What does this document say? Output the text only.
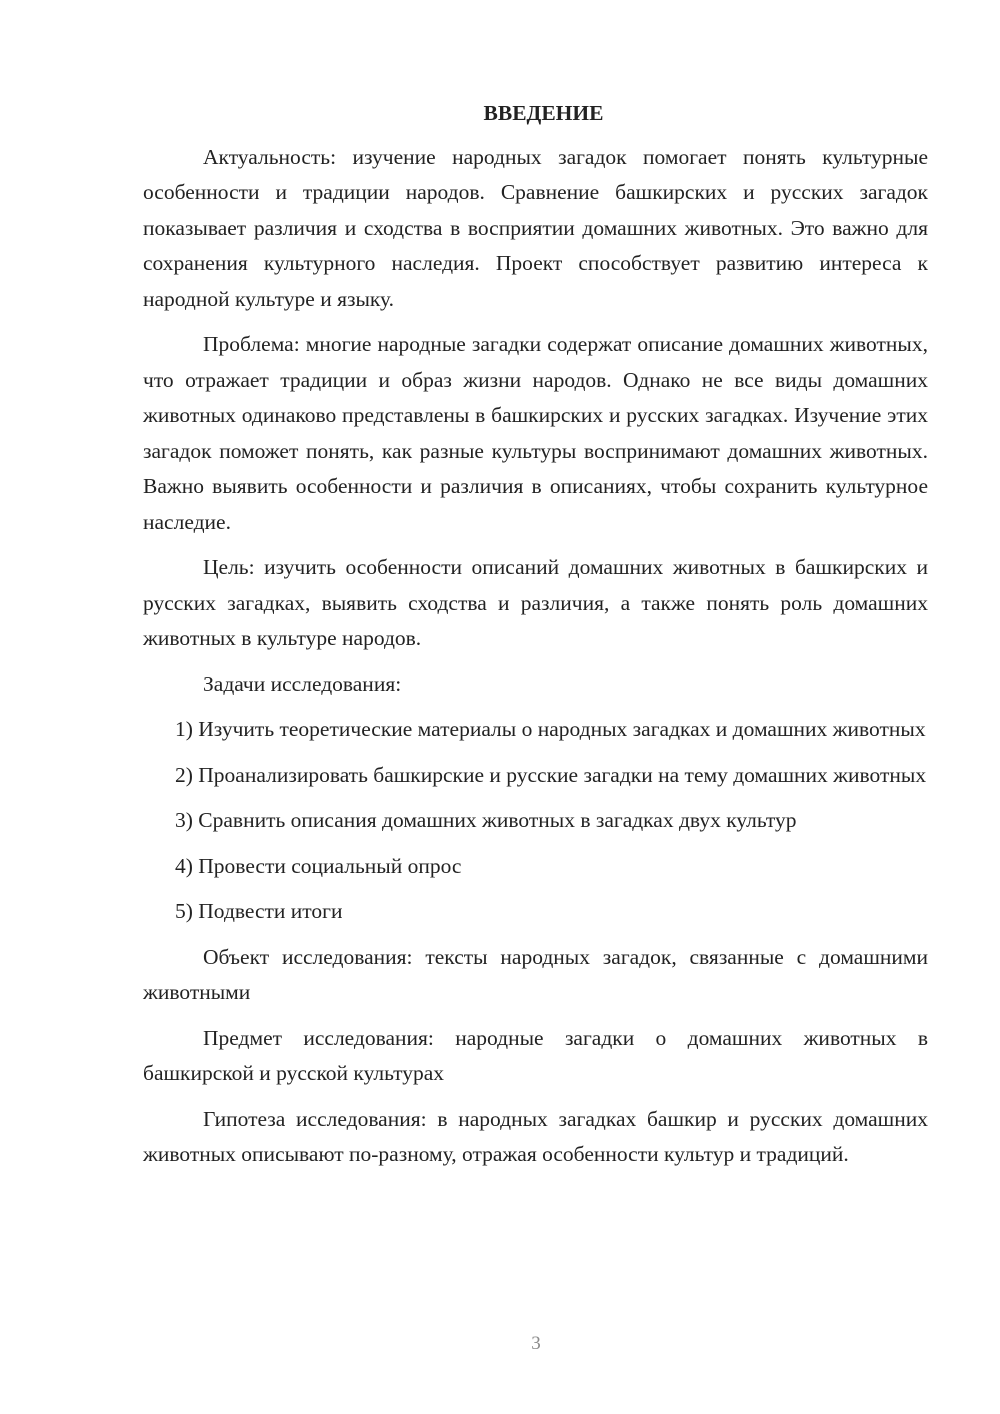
ВВЕДЕНИЕ

Актуальность: изучение народных загадок помогает понять культурные особенности и традиции народов. Сравнение башкирских и русских загадок показывает различия и сходства в восприятии домашних животных. Это важно для сохранения культурного наследия. Проект способствует развитию интереса к народной культуре и языку.

Проблема: многие народные загадки содержат описание домашних животных, что отражает традиции и образ жизни народов. Однако не все виды домашних животных одинаково представлены в башкирских и русских загадках. Изучение этих загадок поможет понять, как разные культуры воспринимают домашних животных. Важно выявить особенности и различия в описаниях, чтобы сохранить культурное наследие.

Цель: изучить особенности описаний домашних животных в башкирских и русских загадках, выявить сходства и различия, а также понять роль домашних животных в культуре народов.

Задачи исследования:

1) Изучить теоретические материалы о народных загадках и домашних животных

2) Проанализировать башкирские и русские загадки на тему домашних животных

3) Сравнить описания домашних животных в загадках двух культур

4) Провести социальный опрос

5) Подвести итоги

Объект исследования: тексты народных загадок, связанные с домашними животными

Предмет исследования: народные загадки о домашних животных в башкирской и русской культурах

Гипотеза исследования: в народных загадках башкир и русских домашних животных описывают по-разному, отражая особенности культур и традиций.

3
